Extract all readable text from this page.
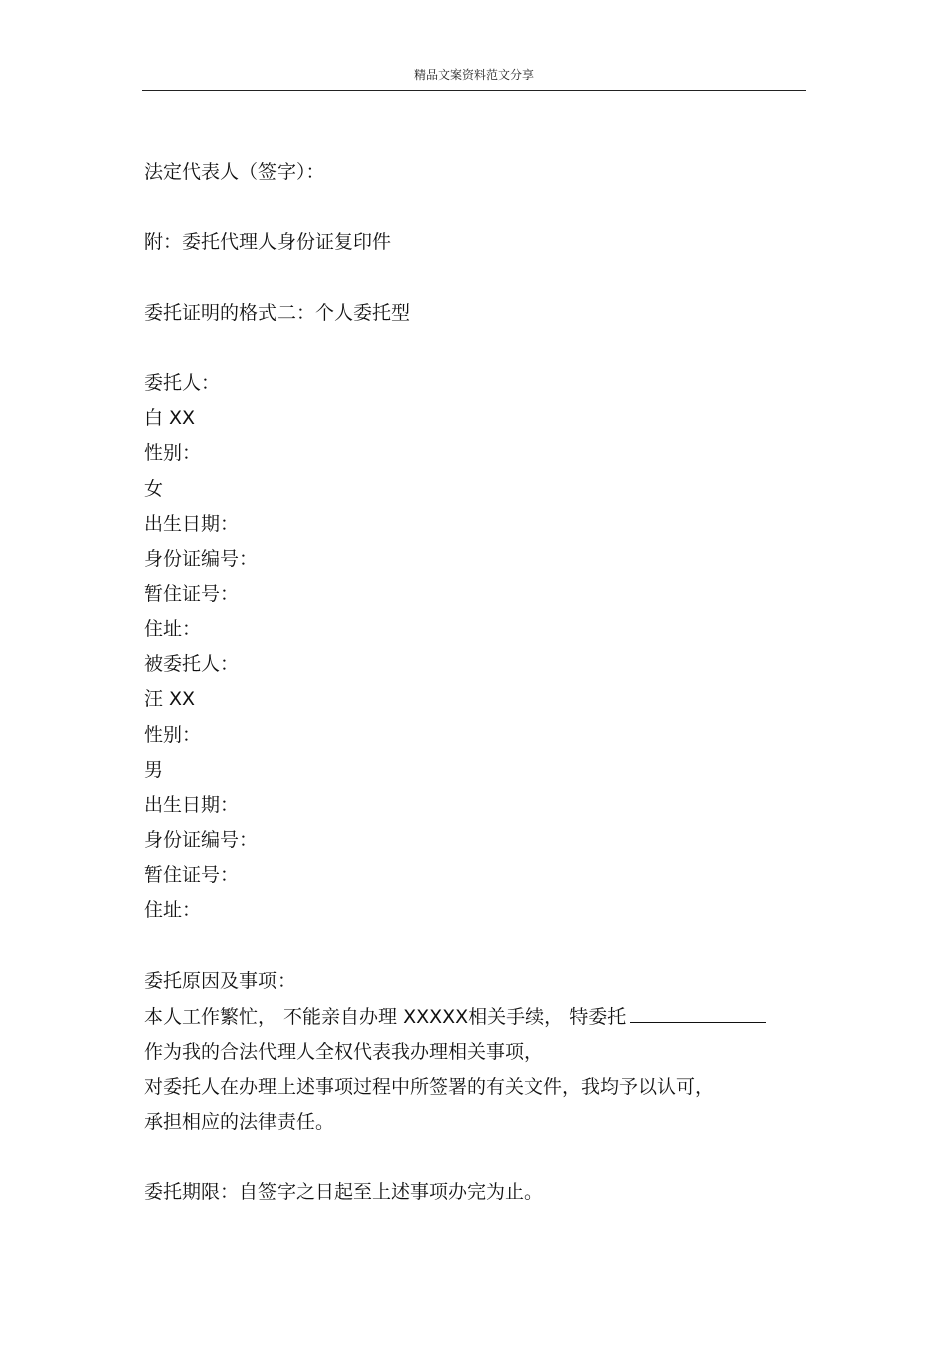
精品文案资料范文分享
法定代表人（签字）：
附：委托代理人身份证复印件
委托证明的格式二：个人委托型
委托人：
白 XX
性别：
女
出生日期：
身份证编号：
暂住证号：
住址：
被委托人：
汪 XX
性别：
男
出生日期：
身份证编号：
暂住证号：
住址：
委托原因及事项：
本人工作繁忙， 不能亲自办理 XXXXX相关手续， 特委托
作为我的合法代理人全权代表我办理相关事项，
对委托人在办理上述事项过程中所签署的有关文件，我均予以认可，
承担相应的法律责任。
委托期限：自签字之日起至上述事项办完为止。
